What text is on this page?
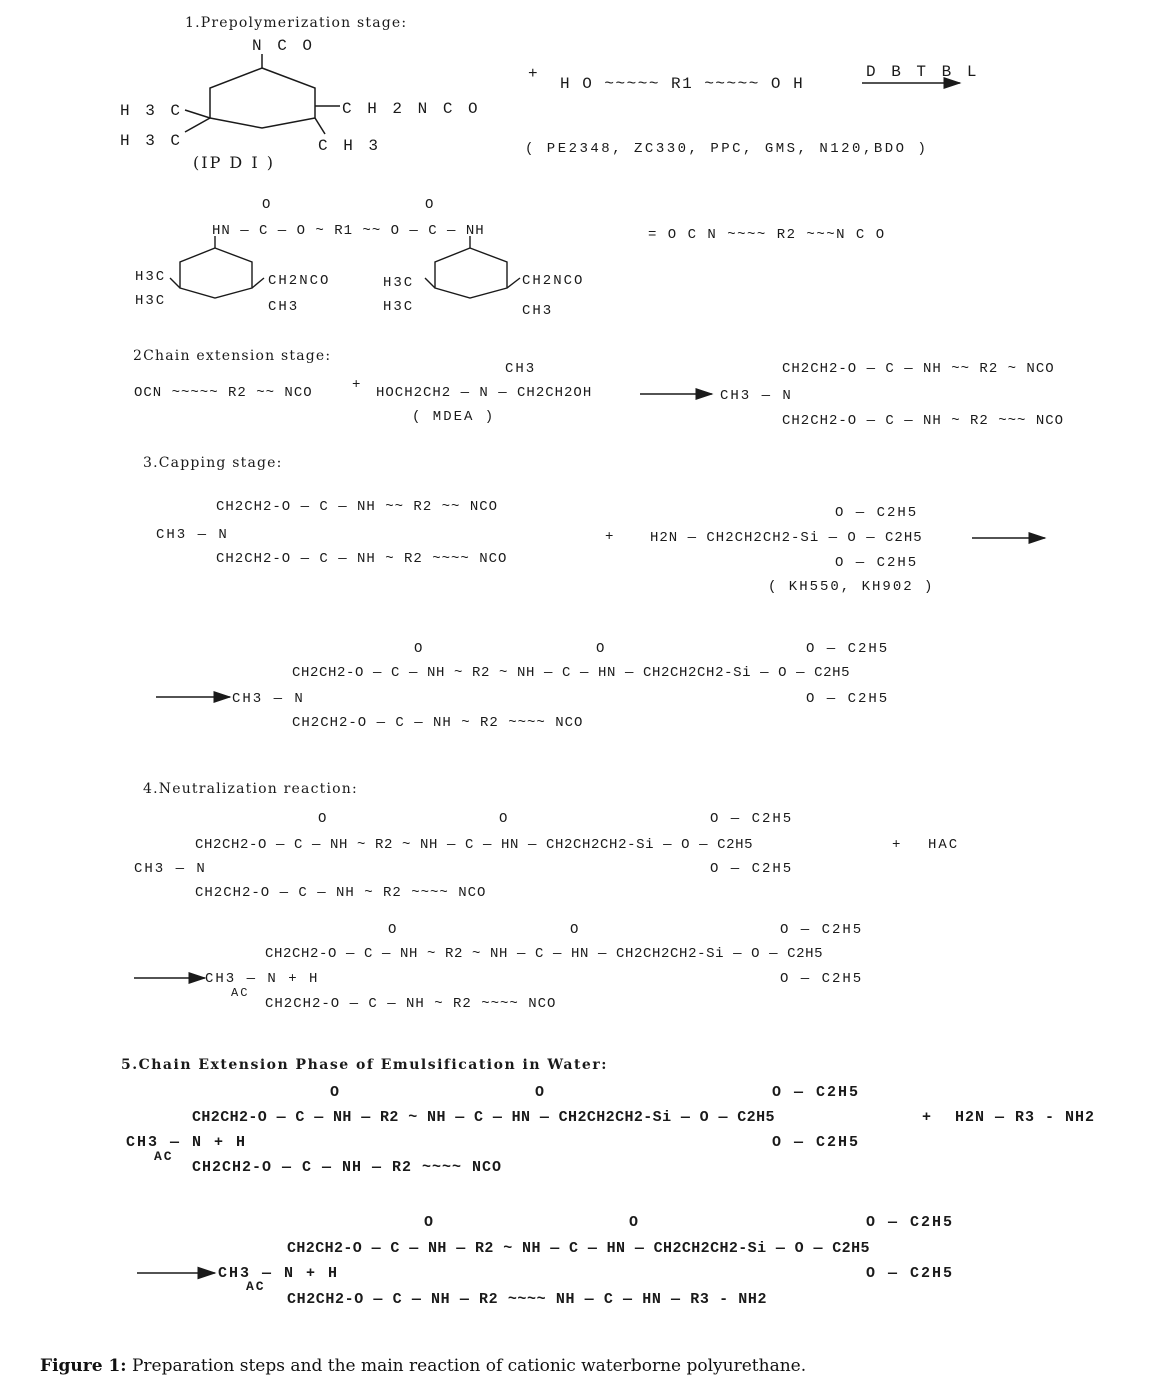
1.Prepolymerization stage:
N C O
C H 2 N C O
C H 3
H 3 C
H 3 C
(IP D I )
+
H O ~~~~~ R1 ~~~~~ O H
D B T B L
( PE2348, ZC330, PPC, GMS, N120,BDO )
O	O
HN — C — O ~ R1 ~~ O — C — NH	= O C N ~~~~ R2 ~~~N C O
CH2NCO
CH3
H3C
H3C
CH2NCO
CH3
H3C
H3C
2Chain extension stage:
OCN ~~~~~ R2 ~~ NCO	+
CH3
HOCH2CH2 — N — CH2CH2OH
( MDEA )
CH3 — N
CH2CH2-O — C — NH ~~ R2 ~ NCO
CH2CH2-O — C — NH ~ R2 ~~~ NCO
3.Capping stage:
CH2CH2-O — C — NH ~~ R2 ~~ NCO
CH3 — N
CH2CH2-O — C — NH ~ R2 ~~~~ NCO
+
O — C2H5
H2N — CH2CH2CH2-Si — O — C2H5
O — C2H5
( KH550, KH902 )
O	O	O — C2H5
CH2CH2-O — C — NH ~ R2 ~ NH — C — HN — CH2CH2CH2-Si — O — C2H5
CH3 — N	O — C2H5
CH2CH2-O — C — NH ~ R2 ~~~~ NCO
4.Neutralization reaction:
O	O	O — C2H5
CH2CH2-O — C — NH ~ R2 ~ NH — C — HN — CH2CH2CH2-Si — O — C2H5
CH3 — N	O — C2H5
CH2CH2-O — C — NH ~ R2 ~~~~ NCO
+ HAC
O	O	O — C2H5
CH2CH2-O — C — NH ~ R2 ~ NH — C — HN — CH2CH2CH2-Si — O — C2H5
CH3 — N + H
AC
O — C2H5
CH2CH2-O — C — NH ~ R2 ~~~~ NCO
5.Chain Extension Phase of Emulsification in Water:
O	O	O — C2H5
CH2CH2-O — C — NH — R2 ~ NH — C — HN — CH2CH2CH2-Si — O — C2H5	+ H2N — R3 - NH2
CH3 — N + H
AC
O — C2H5
CH2CH2-O — C — NH — R2 ~~~~ NCO
O	O	O — C2H5
CH2CH2-O — C — NH — R2 ~ NH — C — HN — CH2CH2CH2-Si — O — C2H5
CH3 — N + H
AC
O — C2H5
CH2CH2-O — C — NH — R2 ~~~~ NH — C — HN — R3 - NH2
Figure 1: Preparation steps and the main reaction of cationic waterborne polyurethane.
